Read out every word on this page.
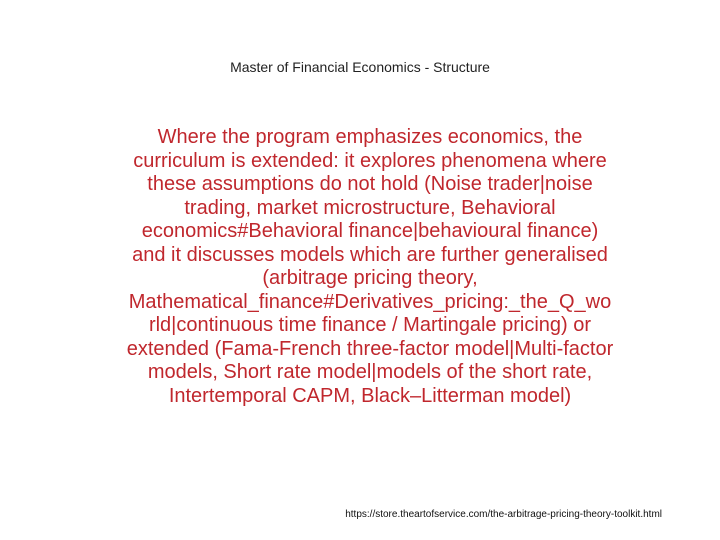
Master of Financial Economics - Structure
Where the program emphasizes economics, the
curriculum is extended: it explores phenomena where
these assumptions do not hold (Noise trader|noise
trading, market microstructure, Behavioral
economics#Behavioral finance|behavioural finance)
and it discusses models which are further generalised
(arbitrage pricing theory,
Mathematical_finance#Derivatives_pricing:_the_Q_wo
rld|continuous time finance / Martingale pricing) or
extended (Fama-French three-factor model|Multi-factor
models, Short rate model|models of the short rate,
Intertemporal CAPM, Black–Litterman model)
https://store.theartofservice.com/the-arbitrage-pricing-theory-toolkit.html
